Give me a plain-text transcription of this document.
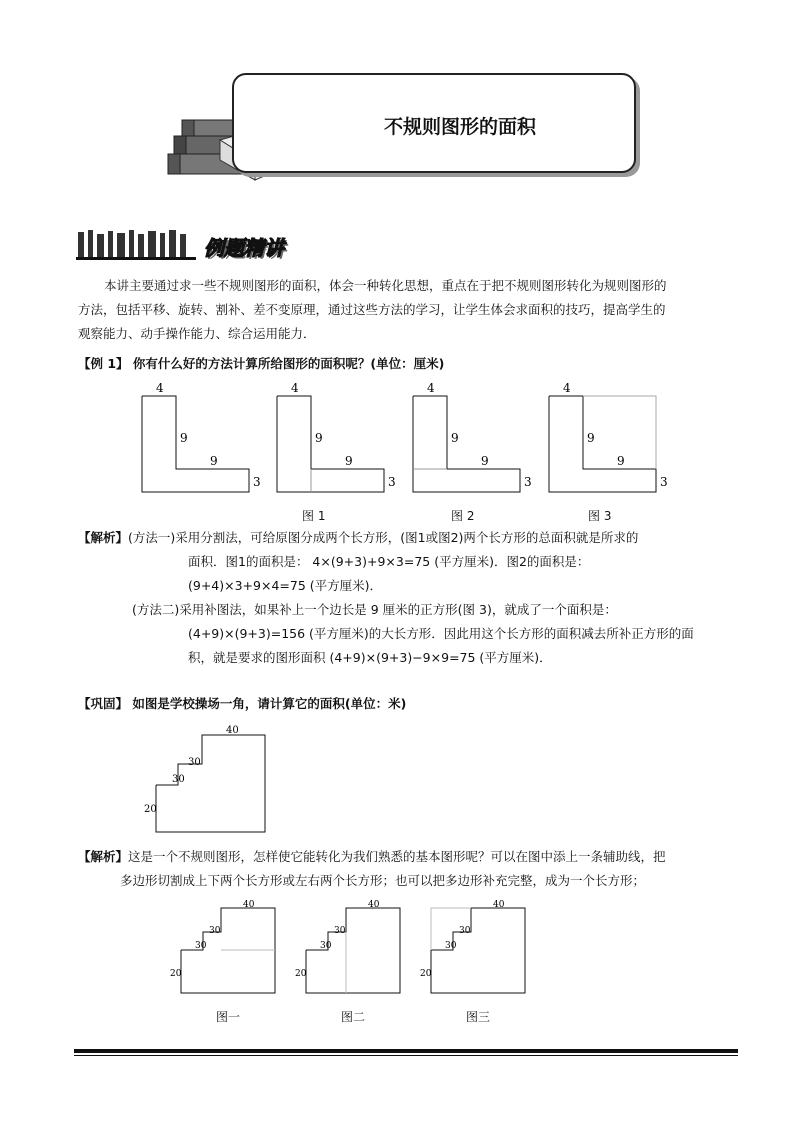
不规则图形的面积
例题精讲
本讲主要通过求一些不规则图形的面积，体会一种转化思想，重点在于把不规则图形转化为规则图形的
方法，包括平移、旋转、割补、差不变原理，通过这些方法的学习，让学生体会求面积的技巧，提高学生的
观察能力、动手操作能力、综合运用能力．
【例 1】 你有什么好的方法计算所给图形的面积呢？(单位：厘米)
4
9
9
3
4
9
9
3
4
9
9
3
4
9
9
3
图 1	图 2	图 3
【解析】(方法一)采用分割法，可给原图分成两个长方形，(图1或图2)两个长方形的总面积就是所求的
面积．图1的面积是： 4×(9+3)+9×3=75 (平方厘米)．图2的面积是：
(9+4)×3+9×4=75 (平方厘米)．
(方法二)采用补图法，如果补上一个边长是 9 厘米的正方形(图 3)，就成了一个面积是：
(4+9)×(9+3)=156 (平方厘米)的大长方形．因此用这个长方形的面积减去所补正方形的面
积，就是要求的图形面积 (4+9)×(9+3)−9×9=75 (平方厘米)．
【巩固】 如图是学校操场一角，请计算它的面积(单位：米)
40
30
30
20
【解析】这是一个不规则图形，怎样使它能转化为我们熟悉的基本图形呢？可以在图中添上一条辅助线，把
多边形切割成上下两个长方形或左右两个长方形；也可以把多边形补充完整，成为一个长方形；
40
30
30
20
40
30
30
20
40
30
30
20
图一	图二	图三
